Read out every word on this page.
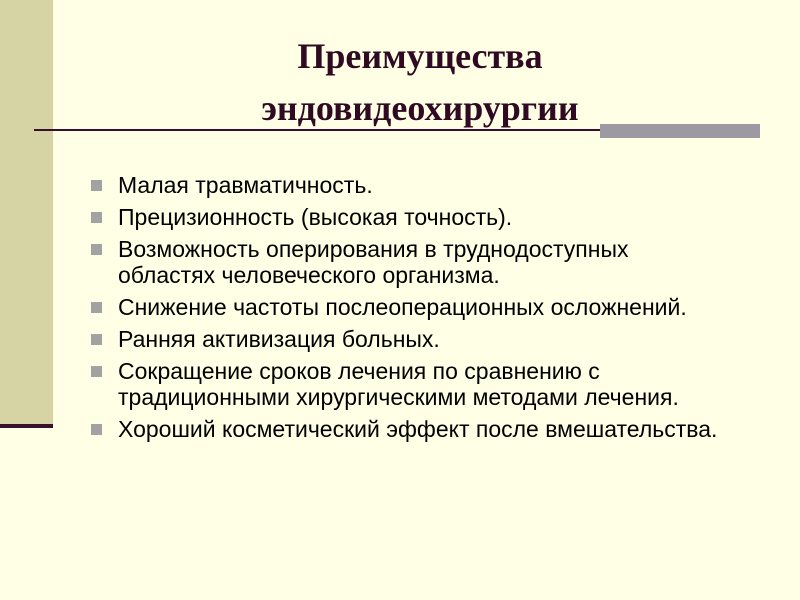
Преимущества
эндовидеохирургии
Малая травматичность.
Прецизионность (высокая точность).
Возможность оперирования в труднодоступных областях человеческого организма.
Снижение частоты послеоперационных осложнений.
Ранняя активизация больных.
Сокращение сроков лечения по сравнению с традиционными хирургическими методами лечения.
Хороший косметический эффект после вмешательства.
